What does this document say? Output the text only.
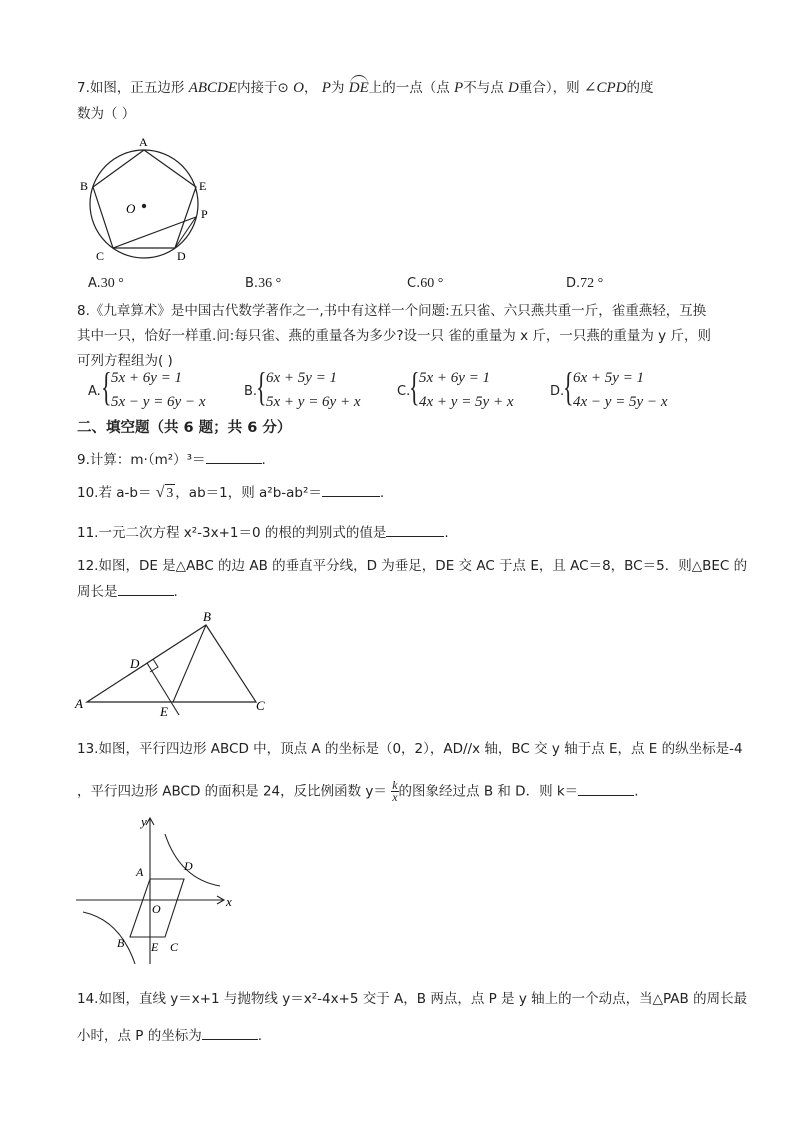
7.如图，正五边形 ABCDE内接于⊙ O， P为 DE上的一点（点 P不与点 D重合），则 ∠CPD的度
数为（ ）
A
B
C	D
E
P
O
A.30 °	B.36 °	C.60 °	D.72 °
8.《九章算术》是中国古代数学著作之一,书中有这样一个问题:五只雀、六只燕共重一斤，雀重燕轻，互换
其中一只，恰好一样重.问:每只雀、燕的重量各为多少?设一只 雀的重量为 x 斤，一只燕的重量为 y 斤，则
可列方程组为( )
A. { 5x + 6y = 1
5x − y = 6y − x
B.
{ 6x + 5y = 1
5x + y = 6y + x
C.
{ 5x + 6y = 1
4x + y = 5y + x
D.
{ 6x + 5y = 1
4x − y = 5y − x
二、填空题（共 6 题；共 6 分）
9.计算：m·（m²）³＝	.
10.若 a-b＝ √ 3 ，ab＝1，则 a²b-ab²＝	.
11.一元二次方程 x²-3x+1＝0 的根的判别式的值是	.
12.如图，DE 是△ABC 的边 AB 的垂直平分线，D 为垂足，DE 交 AC 于点 E，且 AC＝8，BC＝5．则△BEC 的
周长是	.
A
B
C
D
E
13.如图，平行四边形 ABCD 中，顶点 A 的坐标是（0，2），AD//x 轴，BC 交 y 轴于点 E，点 E 的纵坐标是-4
，平行四边形 ABCD 的面积是 24，反比例函数 $y= \frac{k}{x}$ 的图象经过点 B 和 D．则 k＝	.
x
y
A	D
O
B E C
14.如图，直线 y＝x+1 与抛物线 y＝x²-4x+5 交于 A，B 两点，点 P 是 y 轴上的一个动点，当△PAB 的周长最
小时，点 P 的坐标为	.
